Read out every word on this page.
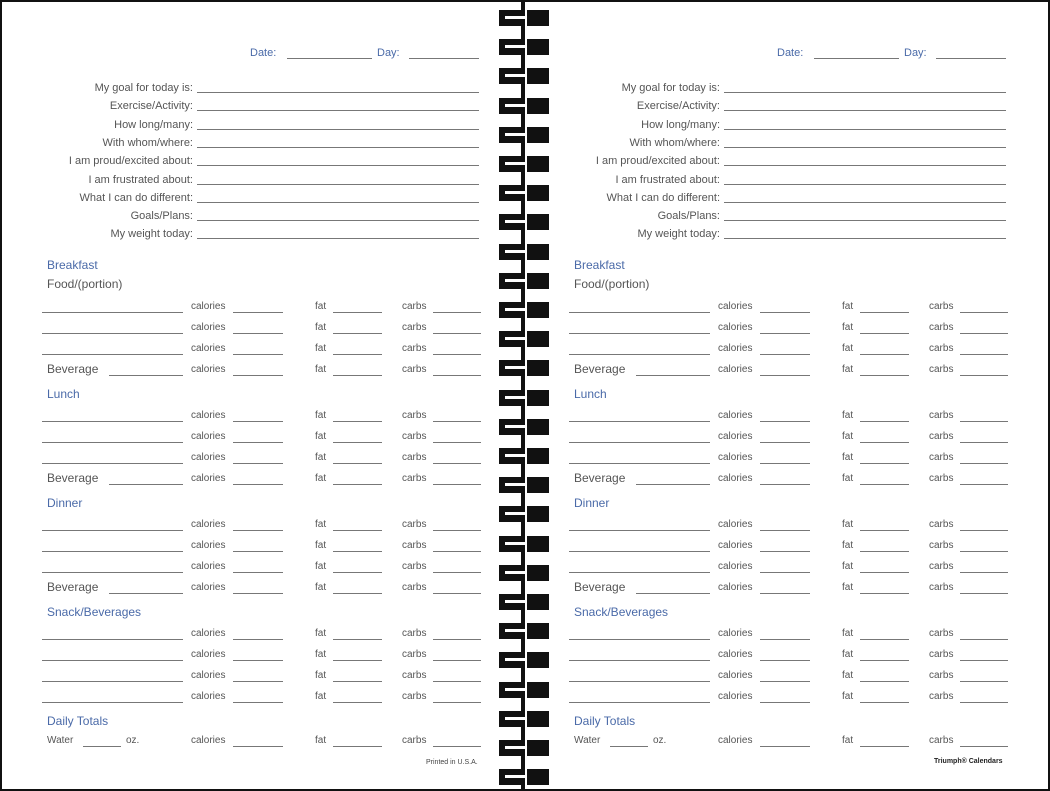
Date:	Day:
My goal for today is:
Exercise/Activity:
How long/many:
With whom/where:
I am proud/excited about:
I am frustrated about:
What I can do different:
Goals/Plans:
My weight today:
Breakfast
Food/(portion)
calories	fat	carbs
calories	fat	carbs
calories	fat	carbs
Beverage	calories	fat	carbs
Lunch
calories	fat	carbs
calories	fat	carbs
calories	fat	carbs
Beverage	calories	fat	carbs
Dinner
calories	fat	carbs
calories	fat	carbs
calories	fat	carbs
Beverage	calories	fat	carbs
Snack/Beverages
calories	fat	carbs
calories	fat	carbs
calories	fat	carbs
calories	fat	carbs
Daily Totals
Water	oz.	calories	fat	carbs
Printed in U.S.A.
Date:	Day:
My goal for today is:
Exercise/Activity:
How long/many:
With whom/where:
I am proud/excited about:
I am frustrated about:
What I can do different:
Goals/Plans:
My weight today:
Breakfast
Food/(portion)
calories	fat	carbs
calories	fat	carbs
calories	fat	carbs
Beverage	calories	fat	carbs
Lunch
calories	fat	carbs
calories	fat	carbs
calories	fat	carbs
Beverage	calories	fat	carbs
Dinner
calories	fat	carbs
calories	fat	carbs
calories	fat	carbs
Beverage	calories	fat	carbs
Snack/Beverages
calories	fat	carbs
calories	fat	carbs
calories	fat	carbs
calories	fat	carbs
Daily Totals
Water	oz.	calories	fat	carbs
Triumph® Calendars
